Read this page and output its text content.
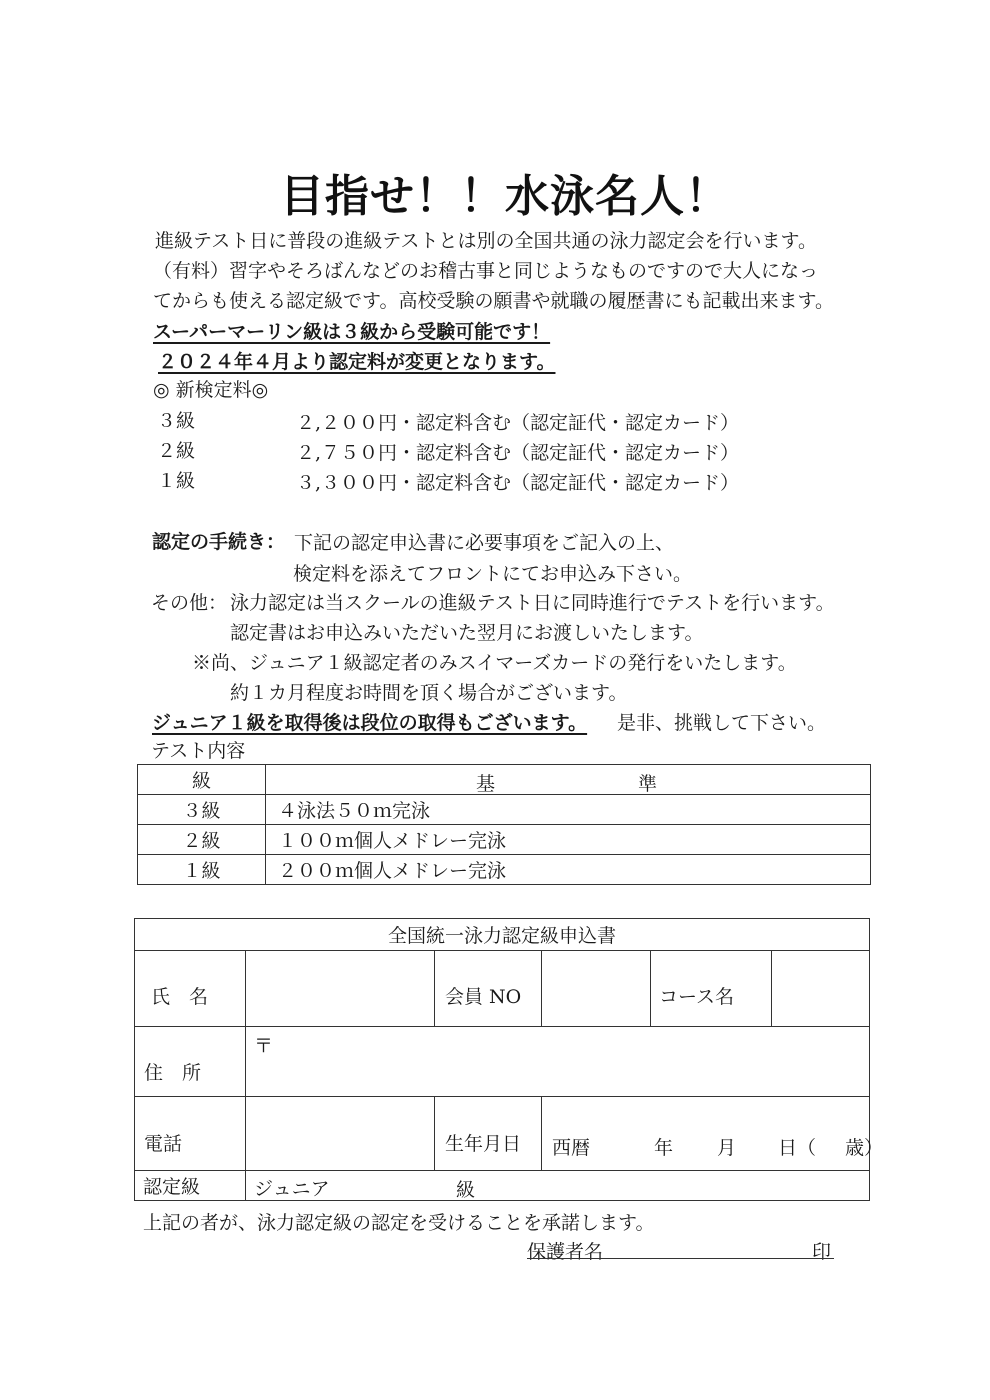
目指せ！！水泳名人！
進級テスト日に普段の進級テストとは別の全国共通の泳力認定会を行います。
（有料）習字やそろばんなどのお稽古事と同じようなものですので大人になっ
てからも使える認定級です。高校受験の願書や就職の履歴書にも記載出来ます。
スーパーマーリン級は３級から受験可能です！
２０２４年４月より認定料が変更となります。
◎ 新検定料◎
３級	２,２００円・認定料含む（認定証代・認定カード）
２級	２,７５０円・認定料含む（認定証代・認定カード）
１級	３,３００円・認定料含む（認定証代・認定カード）
認定の手続き： 下記の認定申込書に必要事項をご記入の上、
検定料を添えてフロントにてお申込み下さい。
その他： 泳力認定は当スクールの進級テスト日に同時進行でテストを行います。
認定書はお申込みいただいた翌月にお渡しいたします。
※尚、ジュニア１級認定者のみスイマーズカードの発行をいたします。
約１カ月程度お時間を頂く場合がございます。
ジュニア１級を取得後は段位の取得もございます。 是非、挑戦して下さい。
テスト内容
級	基 準

３級	４泳法５０ｍ完泳
２級	１００ｍ個人メドレー完泳
１級	２００ｍ個人メドレー完泳
全国統一泳力認定級申込書					
氏　名		会員 NO		コース名	
住　所	〒				
電話		生年月日	西暦 年 月 日（ 歳）		

認定級	ジュニア 級				
上記の者が、泳力認定級の認定を受けることを承諾します。
保護者名	印
